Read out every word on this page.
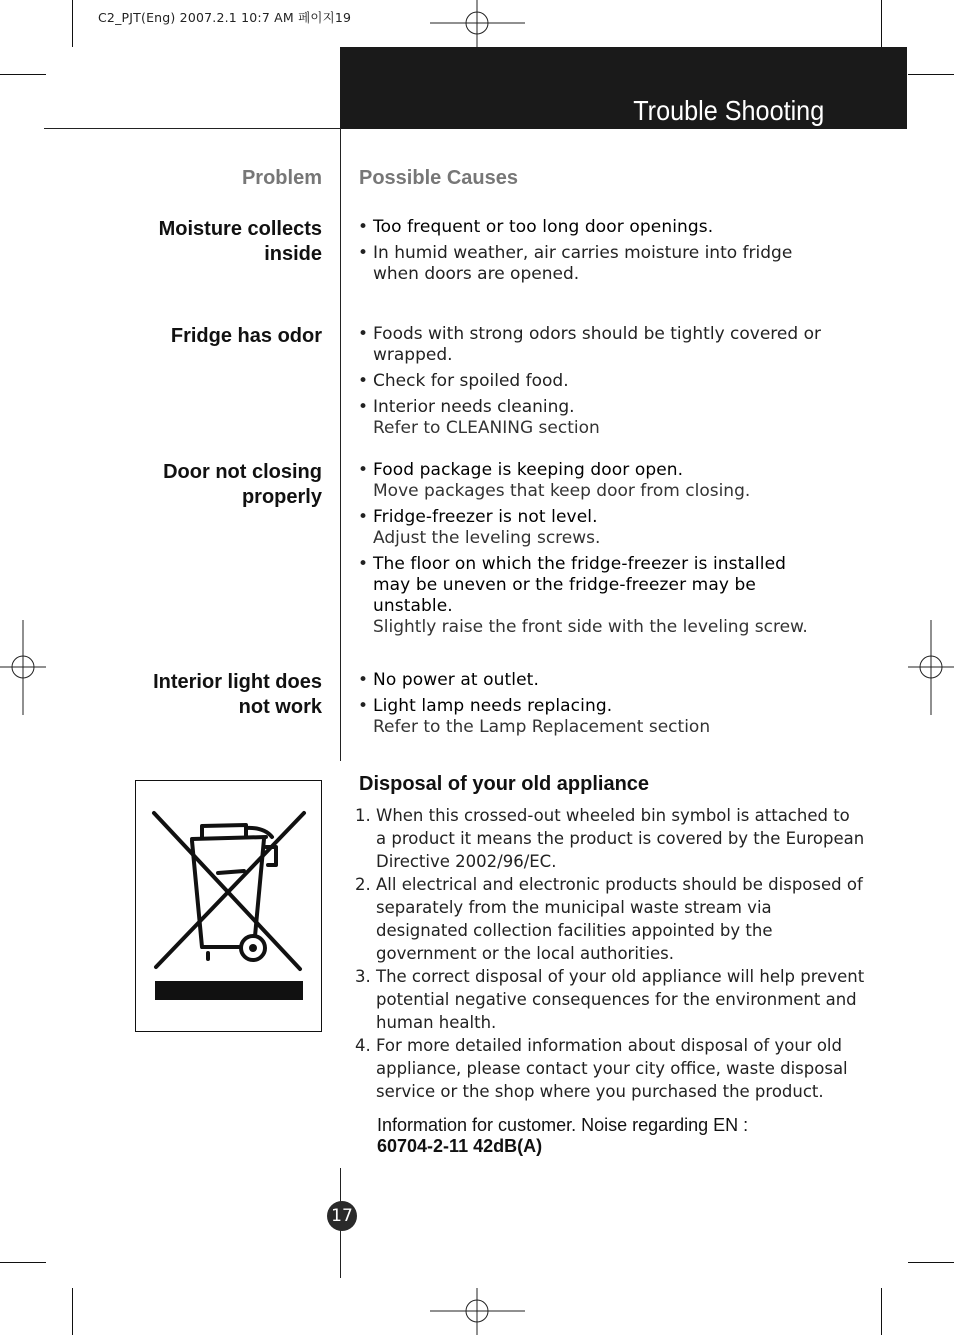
C2_PJT(Eng) 2007.2.1 10:7 AM 페이지19
Trouble Shooting
Problem Possible Causes
Moisture collects
inside
• Too frequent or too long door openings.
• In humid weather, air carries moisture into fridge when doors are opened.
Fridge has odor • Foods with strong odors should be tightly covered or wrapped.
• Check for spoiled food.
• Interior needs cleaning.
Refer to CLEANING section
Door not closing
properly
• Food package is keeping door open.
Move packages that keep door from closing.
• Fridge-freezer is not level.
Adjust the leveling screws.
• The floor on which the fridge-freezer is installed may be uneven or the fridge-freezer may be unstable.
Slightly raise the front side with the leveling screw.
Interior light does
not work
• No power at outlet.
• Light lamp needs replacing.
Refer to the Lamp Replacement section
Disposal of your old appliance
1. When this crossed-out wheeled bin symbol is attached to a product it means the product is covered by the European Directive 2002/96/EC.
2. All electrical and electronic products should be disposed of separately from the municipal waste stream via designated collection facilities appointed by the government or the local authorities.
3. The correct disposal of your old appliance will help prevent potential negative consequences for the environment and human health.
4. For more detailed information about disposal of your old appliance, please contact your city office, waste disposal service or the shop where you purchased the product.
Information for customer. Noise regarding EN :
60704-2-11 42dB(A)
17
